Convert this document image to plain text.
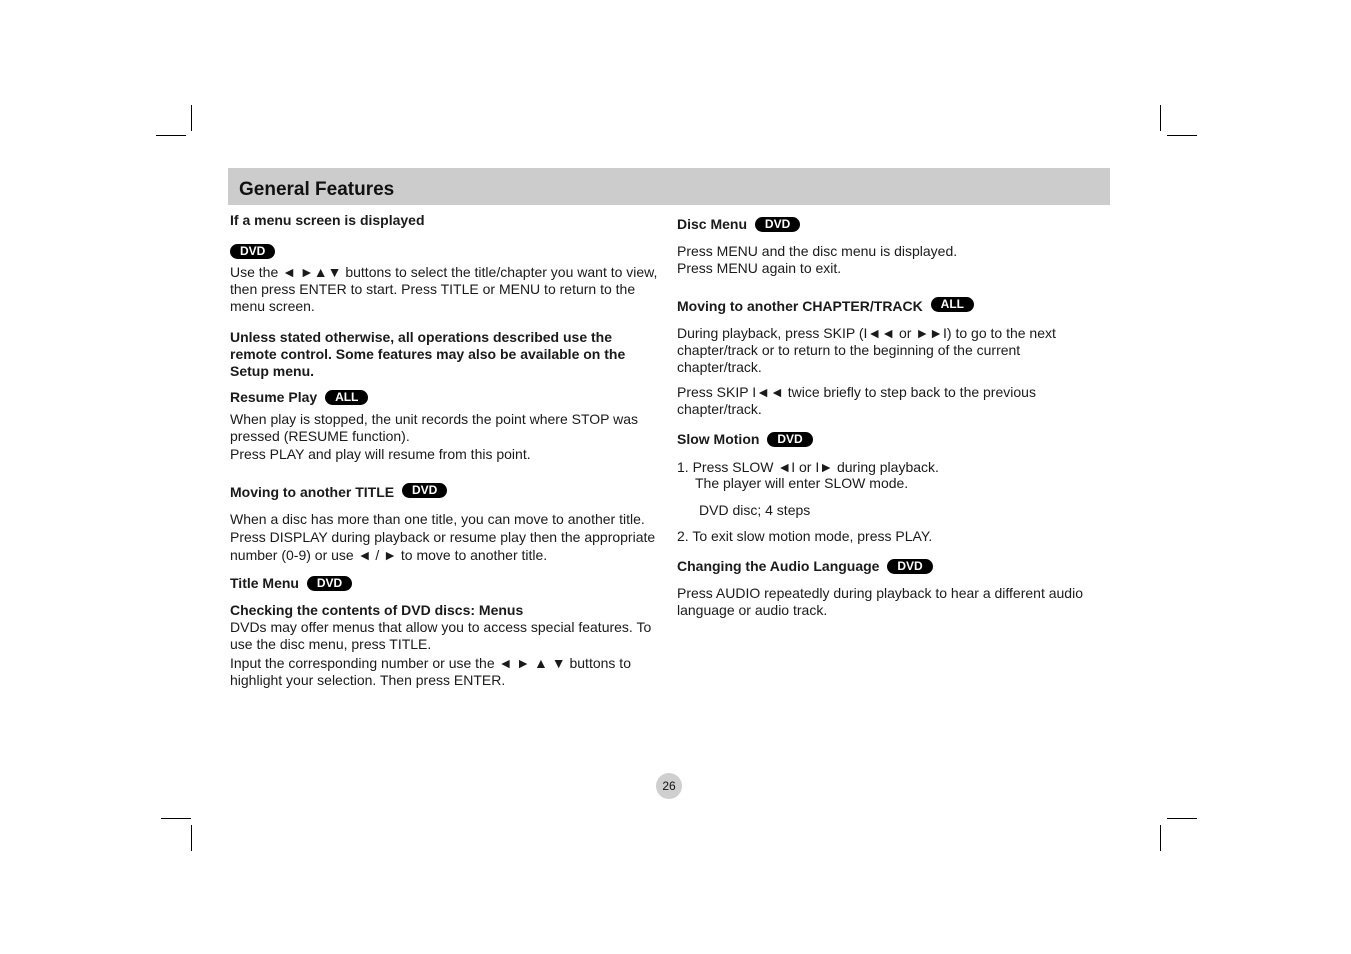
General Features
If a menu screen is displayed
DVD

Use the ◄ ►▲▼ buttons to select the title/chapter you want to view, then press ENTER to start. Press TITLE or MENU to return to the menu screen.

Unless stated otherwise, all operations described use the remote control. Some features may also be available on the Setup menu.

Resume Play ALL

When play is stopped, the unit records the point where STOP was pressed (RESUME function).

Press PLAY and play will resume from this point.

Moving to another TITLE DVD

When a disc has more than one title, you can move to another title. Press DISPLAY during playback or resume play then the appropriate number (0-9) or use ◄ / ► to move to another title.

Title Menu DVD
Checking the contents of DVD discs: Menus

DVDs may offer menus that allow you to access special features. To use the disc menu, press TITLE.

Input the corresponding number or use the ◄ ► ▲ ▼ buttons to highlight your selection. Then press ENTER.

Disc Menu DVD

Press MENU and the disc menu is displayed.

Press MENU again to exit.

Moving to another CHAPTER/TRACK ALL

During playback, press SKIP (I◄◄ or ►►I) to go to the next chapter/track or to return to the beginning of the current chapter/track.

Press SKIP I◄◄ twice briefly to step back to the previous chapter/track.

Slow Motion DVD

1. Press SLOW ◄I or I► during playback.

The player will enter SLOW mode.

DVD disc; 4 steps

2. To exit slow motion mode, press PLAY.

Changing the Audio Language DVD

Press AUDIO repeatedly during playback to hear a different audio language or audio track.

26
